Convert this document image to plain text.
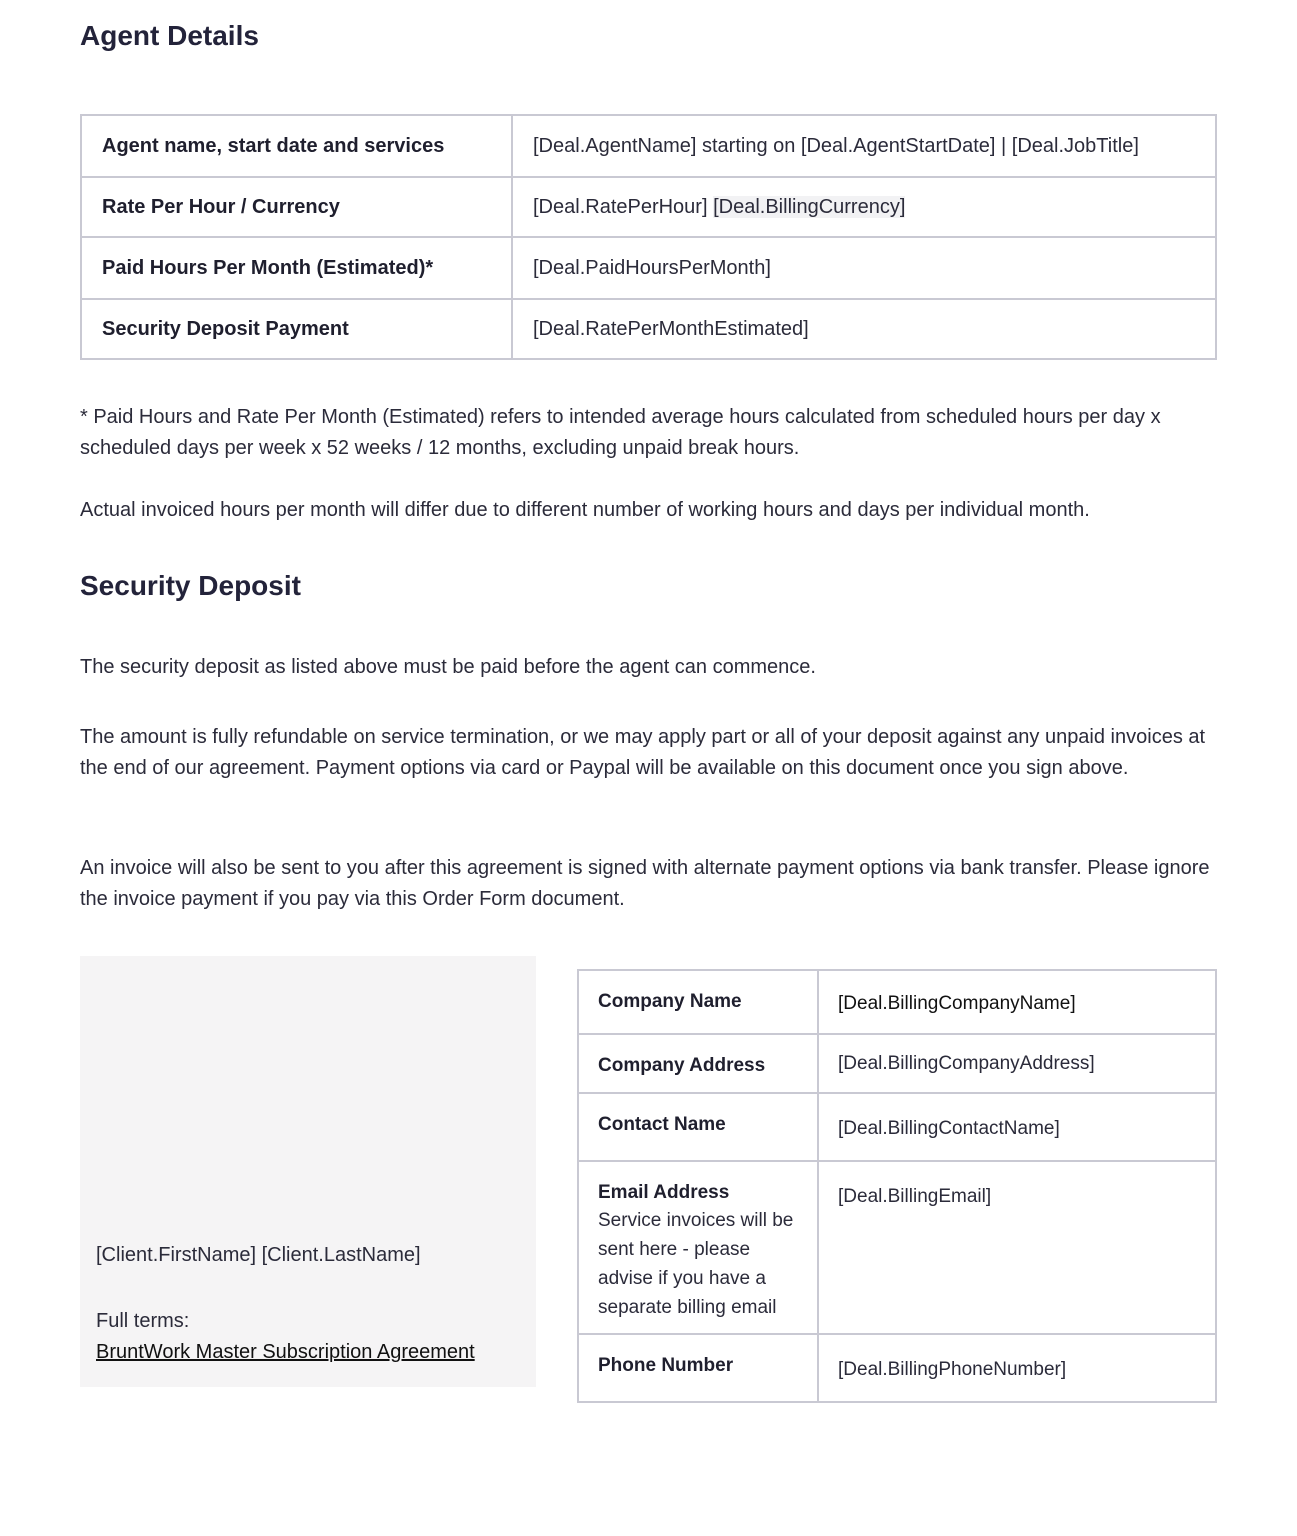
Agent Details
Agent name, start date and services	[Deal.AgentName] starting on [Deal.AgentStartDate] | [Deal.JobTitle]
Rate Per Hour / Currency	[Deal.RatePerHour] [Deal.BillingCurrency]
Paid Hours Per Month (Estimated)*	[Deal.PaidHoursPerMonth]
Security Deposit Payment	[Deal.RatePerMonthEstimated]

* Paid Hours and Rate Per Month (Estimated) refers to intended average hours calculated from scheduled hours per day x scheduled days per week x 52 weeks / 12 months, excluding unpaid break hours.

Actual invoiced hours per month will differ due to different number of working hours and days per individual month.

Security Deposit

The security deposit as listed above must be paid before the agent can commence.

The amount is fully refundable on service termination, or we may apply part or all of your deposit against any unpaid invoices at the end of our agreement. Payment options via card or Paypal will be available on this document once you sign above.

An invoice will also be sent to you after this agreement is signed with alternate payment options via bank transfer. Please ignore the invoice payment if you pay via this Order Form document.

[Client.FirstName] [Client.LastName]
Full terms:
BruntWork Master Subscription Agreement
Company Name	[Deal.BillingCompanyName]
Company Address	[Deal.BillingCompanyAddress]
Contact Name	[Deal.BillingContactName]
Email Address
Service invoices will be sent here - please advise if you have a separate billing email	[Deal.BillingEmail]
Phone Number	[Deal.BillingPhoneNumber]
